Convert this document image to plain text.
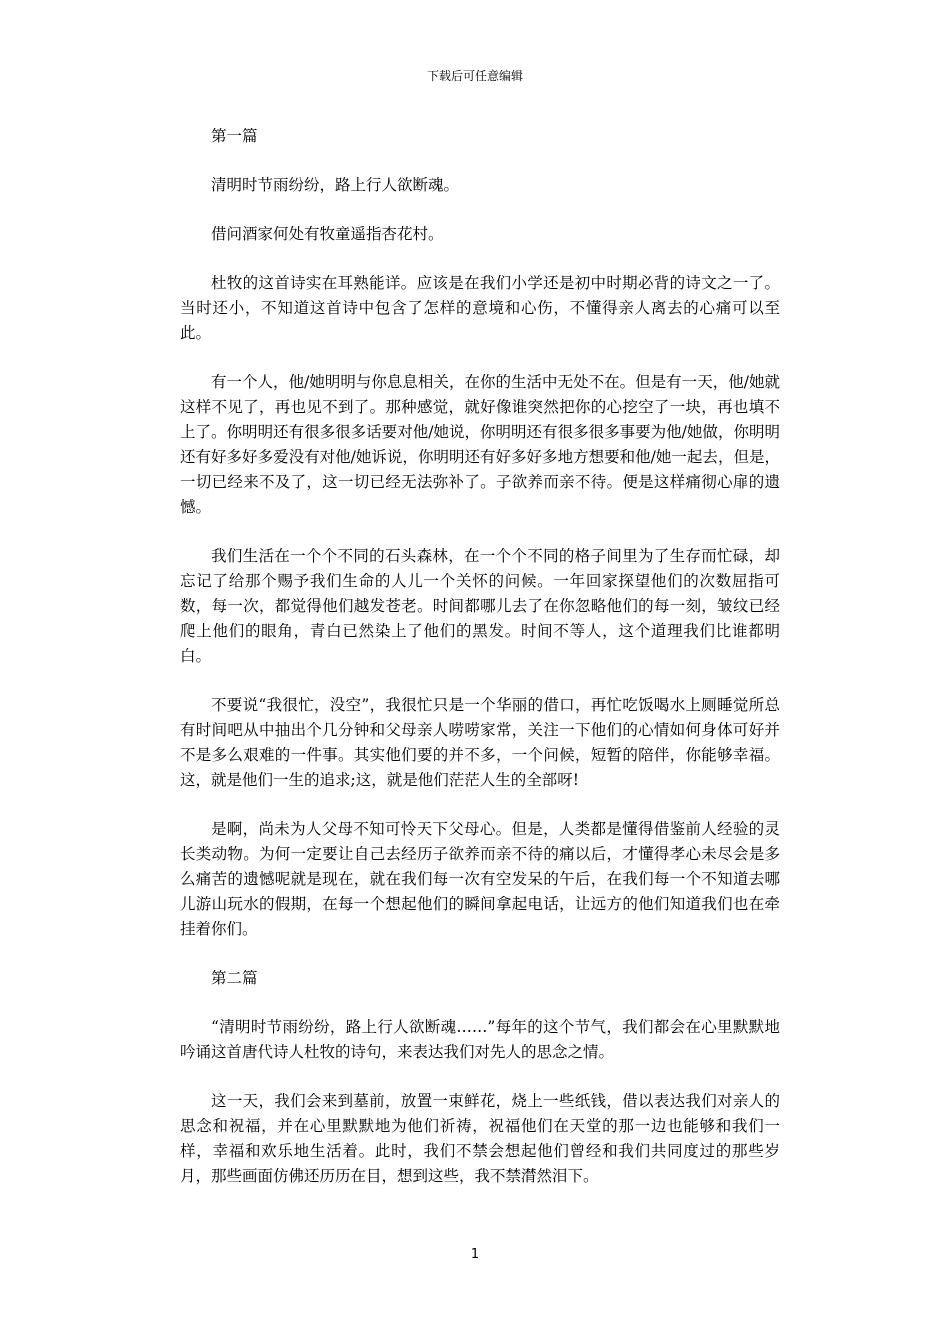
下载后可任意编辑

第一篇

清明时节雨纷纷，路上行人欲断魂。

借问酒家何处有牧童遥指杏花村。

杜牧的这首诗实在耳熟能详。应该是在我们小学还是初中时期必背的诗文之一了。当时还小，不知道这首诗中包含了怎样的意境和心伤，不懂得亲人离去的心痛可以至此。

有一个人，他/她明明与你息息相关，在你的生活中无处不在。但是有一天，他/她就这样不见了，再也见不到了。那种感觉，就好像谁突然把你的心挖空了一块，再也填不上了。你明明还有很多很多话要对他/她说，你明明还有很多很多事要为他/她做，你明明还有好多好多爱没有对他/她诉说，你明明还有好多好多地方想要和他/她一起去，但是，一切已经来不及了，这一切已经无法弥补了。子欲养而亲不待。便是这样痛彻心扉的遗憾。

我们生活在一个个不同的石头森林，在一个个不同的格子间里为了生存而忙碌，却忘记了给那个赐予我们生命的人儿一个关怀的问候。一年回家探望他们的次数屈指可数，每一次，都觉得他们越发苍老。时间都哪儿去了在你忽略他们的每一刻，皱纹已经爬上他们的眼角，青白已然染上了他们的黑发。时间不等人，这个道理我们比谁都明白。

不要说“我很忙，没空”，我很忙只是一个华丽的借口，再忙吃饭喝水上厕睡觉所总有时间吧从中抽出个几分钟和父母亲人唠唠家常，关注一下他们的心情如何身体可好并不是多么艰难的一件事。其实他们要的并不多，一个问候，短暂的陪伴，你能够幸福。这，就是他们一生的追求;这，就是他们茫茫人生的全部呀!

是啊，尚未为人父母不知可怜天下父母心。但是，人类都是懂得借鉴前人经验的灵长类动物。为何一定要让自己去经历子欲养而亲不待的痛以后，才懂得孝心未尽会是多么痛苦的遗憾呢就是现在，就在我们每一次有空发呆的午后，在我们每一个不知道去哪儿游山玩水的假期，在每一个想起他们的瞬间拿起电话，让远方的他们知道我们也在牵挂着你们。

第二篇

“清明时节雨纷纷，路上行人欲断魂……”每年的这个节气，我们都会在心里默默地吟诵这首唐代诗人杜牧的诗句，来表达我们对先人的思念之情。

这一天，我们会来到墓前，放置一束鲜花，烧上一些纸钱，借以表达我们对亲人的思念和祝福，并在心里默默地为他们祈祷，祝福他们在天堂的那一边也能够和我们一样，幸福和欢乐地生活着。此时，我们不禁会想起他们曾经和我们共同度过的那些岁月，那些画面仿佛还历历在目，想到这些，我不禁潸然泪下。

1
